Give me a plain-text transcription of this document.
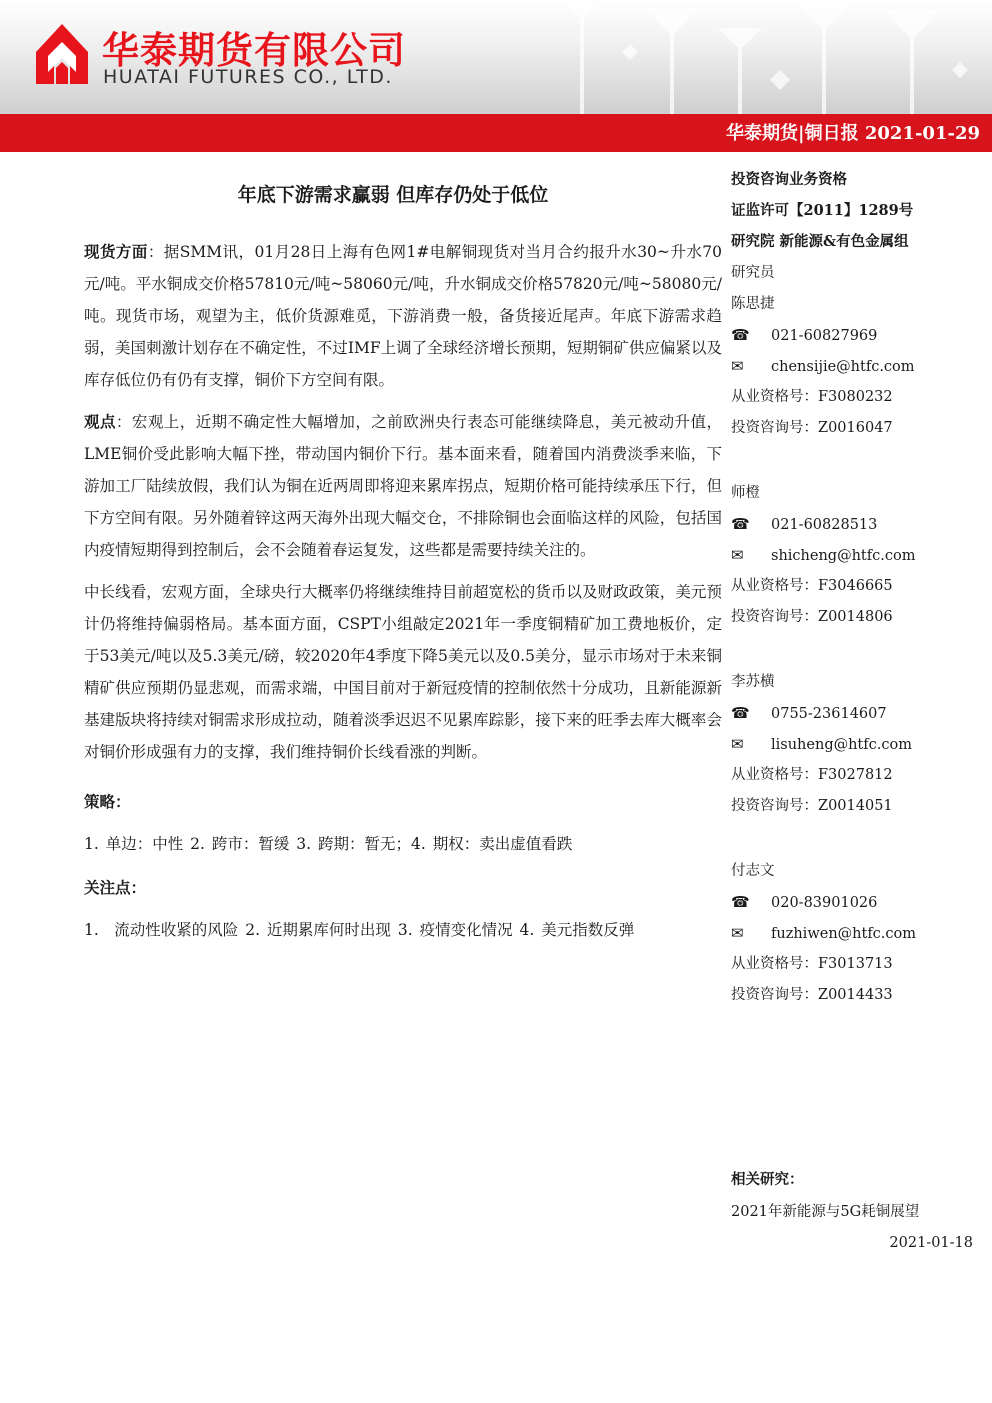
华泰期货有限公司
HUATAI FUTURES CO., LTD.
华泰期货|铜日报 2021-01-29
年底下游需求赢弱 但库存仍处于低位

现货方面：据SMM讯，01月28日上海有色网1#电解铜现货对当月合约报升水30~升水70元/吨。平水铜成交价格57810元/吨~58060元/吨，升水铜成交价格57820元/吨~58080元/吨。现货市场，观望为主，低价货源难觅，下游消费一般，备货接近尾声。年底下游需求趋弱，美国刺激计划存在不确定性，不过IMF上调了全球经济增长预期，短期铜矿供应偏紧以及库存低位仍有仍有支撑，铜价下方空间有限。

观点：宏观上，近期不确定性大幅增加，之前欧洲央行表态可能继续降息，美元被动升值，LME铜价受此影响大幅下挫，带动国内铜价下行。基本面来看，随着国内消费淡季来临，下游加工厂陆续放假，我们认为铜在近两周即将迎来累库拐点，短期价格可能持续承压下行，但下方空间有限。另外随着锌这两天海外出现大幅交仓，不排除铜也会面临这样的风险，包括国内疫情短期得到控制后，会不会随着春运复发，这些都是需要持续关注的。

中长线看，宏观方面，全球央行大概率仍将继续维持目前超宽松的货币以及财政政策，美元预计仍将维持偏弱格局。基本面方面，CSPT小组敲定2021年一季度铜精矿加工费地板价，定于53美元/吨以及5.3美元/磅，较2020年4季度下降5美元以及0.5美分，显示市场对于未来铜精矿供应预期仍显悲观，而需求端，中国目前对于新冠疫情的控制依然十分成功，且新能源新基建版块将持续对铜需求形成拉动，随着淡季迟迟不见累库踪影，接下来的旺季去库大概率会对铜价形成强有力的支撑，我们维持铜价长线看涨的判断。

策略：
1. 单边：中性 2. 跨市：暂缓 3. 跨期：暂无；4. 期权：卖出虚值看跌
关注点：
1.　流动性收紧的风险 2. 近期累库何时出现 3. 疫情变化情况 4. 美元指数反弹
投资咨询业务资格
证监许可【2011】1289号
研究院 新能源&有色金属组
研究员
陈思捷
☎ 021-60827969
✉ chensijie@htfc.com
从业资格号：F3080232
投资咨询号：Z0016047
师橙
☎ 021-60828513
✉ shicheng@htfc.com
从业资格号：F3046665
投资咨询号：Z0014806
李苏横
☎ 0755-23614607
✉ lisuheng@htfc.com
从业资格号：F3027812
投资咨询号：Z0014051
付志文
☎ 020-83901026
✉ fuzhiwen@htfc.com
从业资格号：F3013713
投资咨询号：Z0014433
相关研究：
2021年新能源与5G耗铜展望
2021-01-18
